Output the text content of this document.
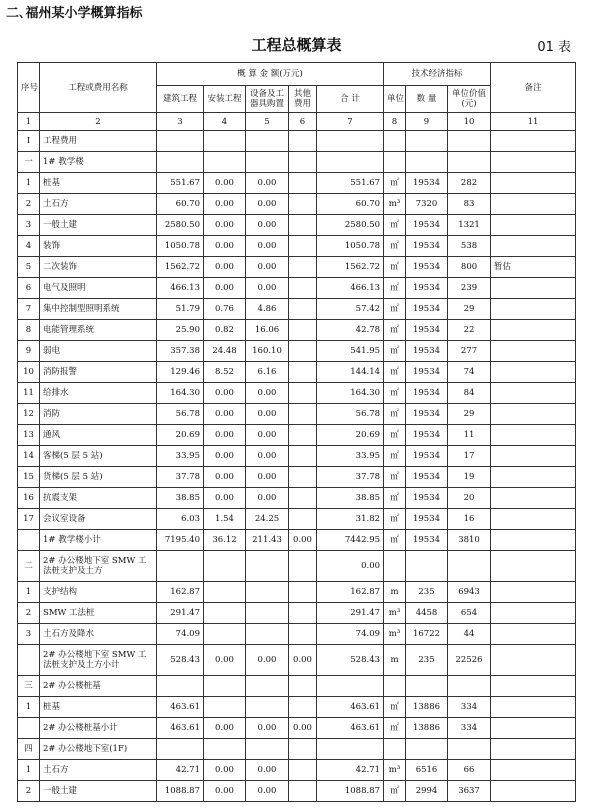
二､福州某小学概算指标
工程总概算表	01 表
序号	工程或费用名称	概 算 金 额(万元)					技术经济指标			备注
		建筑工程	安装工程	设备及工器具购置	其他费用	合 计	单位	数 量	单位价值(元)	
1	2	3	4	5	6	7	8	9	10	11
Ⅰ	工程费用									
一	1# 教学楼									
1	桩基	551.67	0.00	0.00		551.67	㎡	19534	282	
2	土石方	60.70	0.00	0.00		60.70	m³	7320	83	
3	一般土建	2580.50	0.00	0.00		2580.50	㎡	19534	1321	
4	装饰	1050.78	0.00	0.00		1050.78	㎡	19534	538	
5	二次装饰	1562.72	0.00	0.00		1562.72	㎡	19534	800	暂估
6	电气及照明	466.13	0.00	0.00		466.13	㎡	19534	239	
7	集中控制型照明系统	51.79	0.76	4.86		57.42	㎡	19534	29	
8	电能管理系统	25.90	0.82	16.06		42.78	㎡	19534	22	
9	弱电	357.38	24.48	160.10		541.95	㎡	19534	277	
10	消防报警	129.46	8.52	6.16		144.14	㎡	19534	74	
11	给排水	164.30	0.00	0.00		164.30	㎡	19534	84	
12	消防	56.78	0.00	0.00		56.78	㎡	19534	29	
13	通风	20.69	0.00	0.00		20.69	㎡	19534	11	
14	客梯(5 层 5 站)	33.95	0.00	0.00		33.95	㎡	19534	17	
15	货梯(5 层 5 站)	37.78	0.00	0.00		37.78	㎡	19534	19	
16	抗震支架	38.85	0.00	0.00		38.85	㎡	19534	20	
17	会议室设备	6.03	1.54	24.25		31.82	㎡	19534	16	
	1# 教学楼小计	7195.40	36.12	211.43	0.00	7442.95	㎡	19534	3810	
二	2# 办公楼地下室 SMW 工法桩支护及土方					0.00				
1	支护结构	162.87				162.87	m	235	6943	
2	SMW 工法桩	291.47				291.47	m³	4458	654	
3	土石方及降水	74.09				74.09	m³	16722	44	
	2# 办公楼地下室 SMW 工法桩支护及土方小计	528.43	0.00	0.00	0.00	528.43	m	235	22526	
三	2# 办公楼桩基									
1	桩基	463.61				463.61	㎡	13886	334	
	2# 办公楼桩基小计	463.61	0.00	0.00	0.00	463.61	㎡	13886	334	
四	2# 办公楼地下室(1F)									
1	土石方	42.71	0.00	0.00		42.71	m³	6516	66	
2	一般土建	1088.87	0.00	0.00		1088.87	㎡	2994	3637	
